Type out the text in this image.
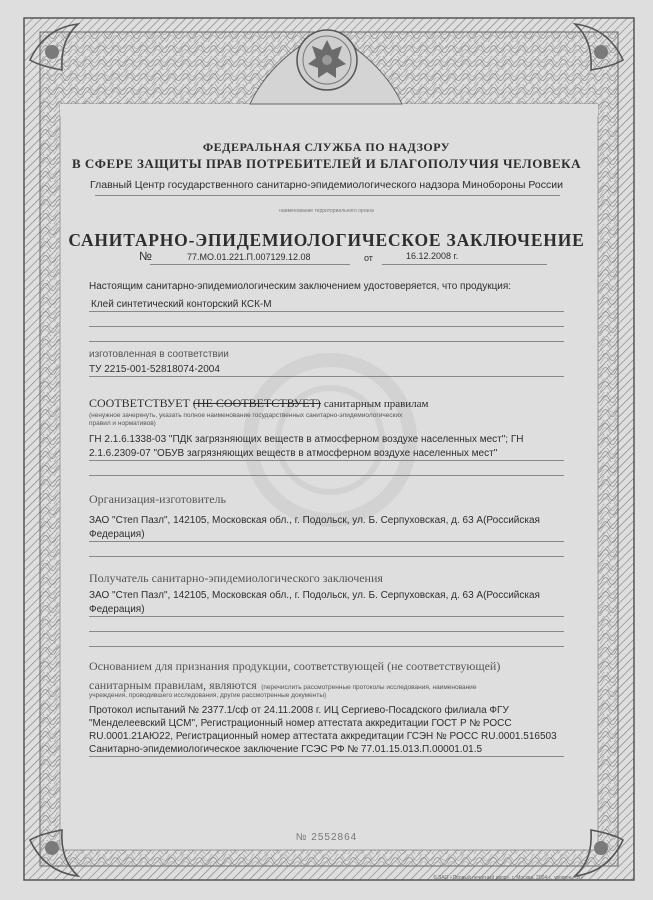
ФЕДЕРАЛЬНАЯ СЛУЖБА ПО НАДЗОРУ
В СФЕРЕ ЗАЩИТЫ ПРАВ ПОТРЕБИТЕЛЕЙ И БЛАГОПОЛУЧИЯ ЧЕЛОВЕКА
Главный Центр государственного санитарно-эпидемиологического надзора Минобороны России
наименование территориального органа
САНИТАРНО-ЭПИДЕМИОЛОГИЧЕСКОЕ ЗАКЛЮЧЕНИЕ
№	77.МО.01.221.П.007129.12.08	от	16.12.2008 г.
Настоящим санитарно-эпидемиологическим заключением удостоверяется, что продукция:
Клей синтетический конторский КСК-М
изготовленная в соответствии
ТУ 2215-001-52818074-2004
СООТВЕТСТВУЕТ (НЕ СООТВЕТСТВУЕТ) санитарным правилам
(ненужное зачеркнуть, указать полное наименование государственных санитарно-эпидемиологических
правил и нормативов)
ГН 2.1.6.1338-03 "ПДК загрязняющих веществ в атмосферном воздухе населенных мест"; ГН
2.1.6.2309-07 "ОБУВ загрязняющих веществ в атмосферном воздухе населенных мест"
Организация-изготовитель
ЗАО "Степ Пазл", 142105, Московская обл., г. Подольск, ул. Б. Серпуховская, д. 63 А(Российская
Федерация)
Получатель санитарно-эпидемиологического заключения
ЗАО "Степ Пазл", 142105, Московская обл., г. Подольск, ул. Б. Серпуховская, д. 63 А(Российская
Федерация)
Основанием для признания продукции, соответствующей (не соответствующей)
санитарным правилам, являются (перечислить рассмотренные протоколы исследования, наименование
учреждения, проводившего исследования, другие рассмотренные документы)
Протокол испытаний № 2377.1/сф от 24.11.2008 г. ИЦ Сергиево-Посадского филиала ФГУ
"Менделеевский ЦСМ", Регистрационный номер аттестата аккредитации ГОСТ Р № РОСС
RU.0001.21АЮ22, Регистрационный номер аттестата аккредитации ГСЭН № РОСС RU.0001.516503
Санитарно-эпидемиологическое заключение ГСЭС РФ № 77.01.15.013.П.00001.01.5
№ 2552864
© ЗАО «Первый печатный двор», г. Москва, 2004 г., уровень «В»
